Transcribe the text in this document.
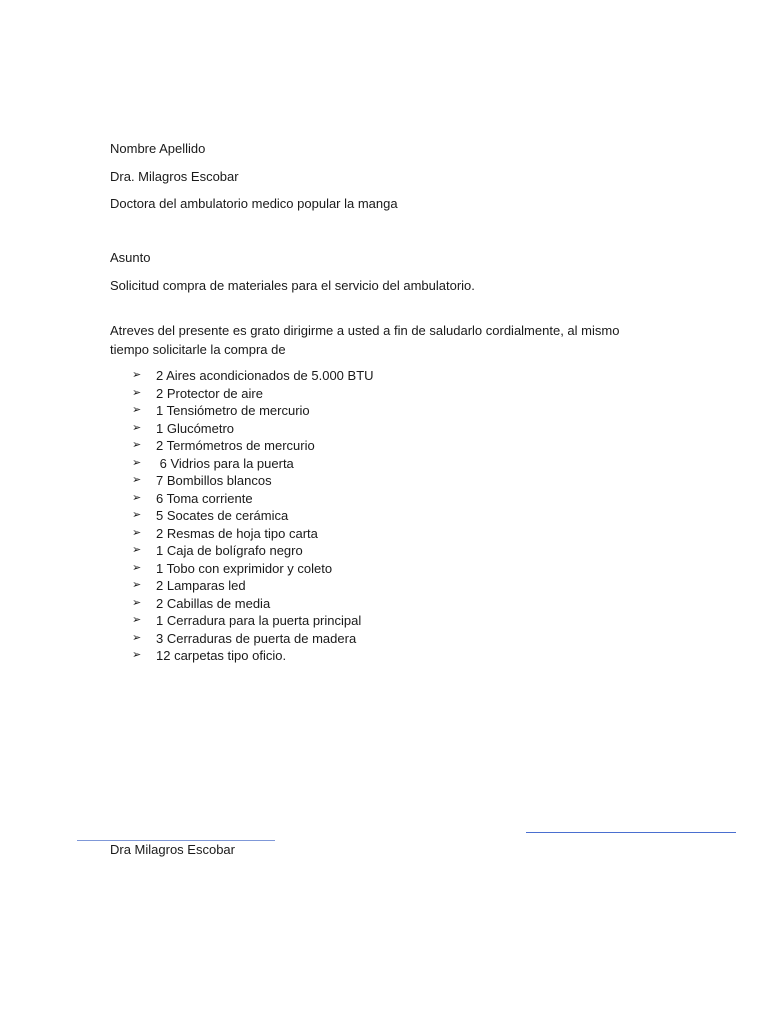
Nombre Apellido
Dra. Milagros Escobar
Doctora del ambulatorio medico popular la manga
Asunto
Solicitud compra de materiales para el servicio del ambulatorio.
Atreves del presente es grato dirigirme a usted a fin de saludarlo cordialmente, al mismo tiempo solicitarle la compra de
➢	2 Aires acondicionados de 5.000 BTU
➢	2 Protector de aire
➢	1 Tensiómetro de mercurio
➢	1 Glucómetro
➢	2 Termómetros de mercurio
➢	6 Vidrios para la puerta
➢	7 Bombillos blancos
➢	6 Toma corriente
➢	5 Socates de cerámica
➢	2 Resmas de hoja tipo carta
➢	1 Caja de bolígrafo negro
➢	1 Tobo con exprimidor y coleto
➢	2 Lamparas led
➢	2 Cabillas de media
➢	1 Cerradura para la puerta principal
➢	3 Cerraduras de puerta de madera
➢	12 carpetas tipo oficio.
Dra Milagros Escobar
